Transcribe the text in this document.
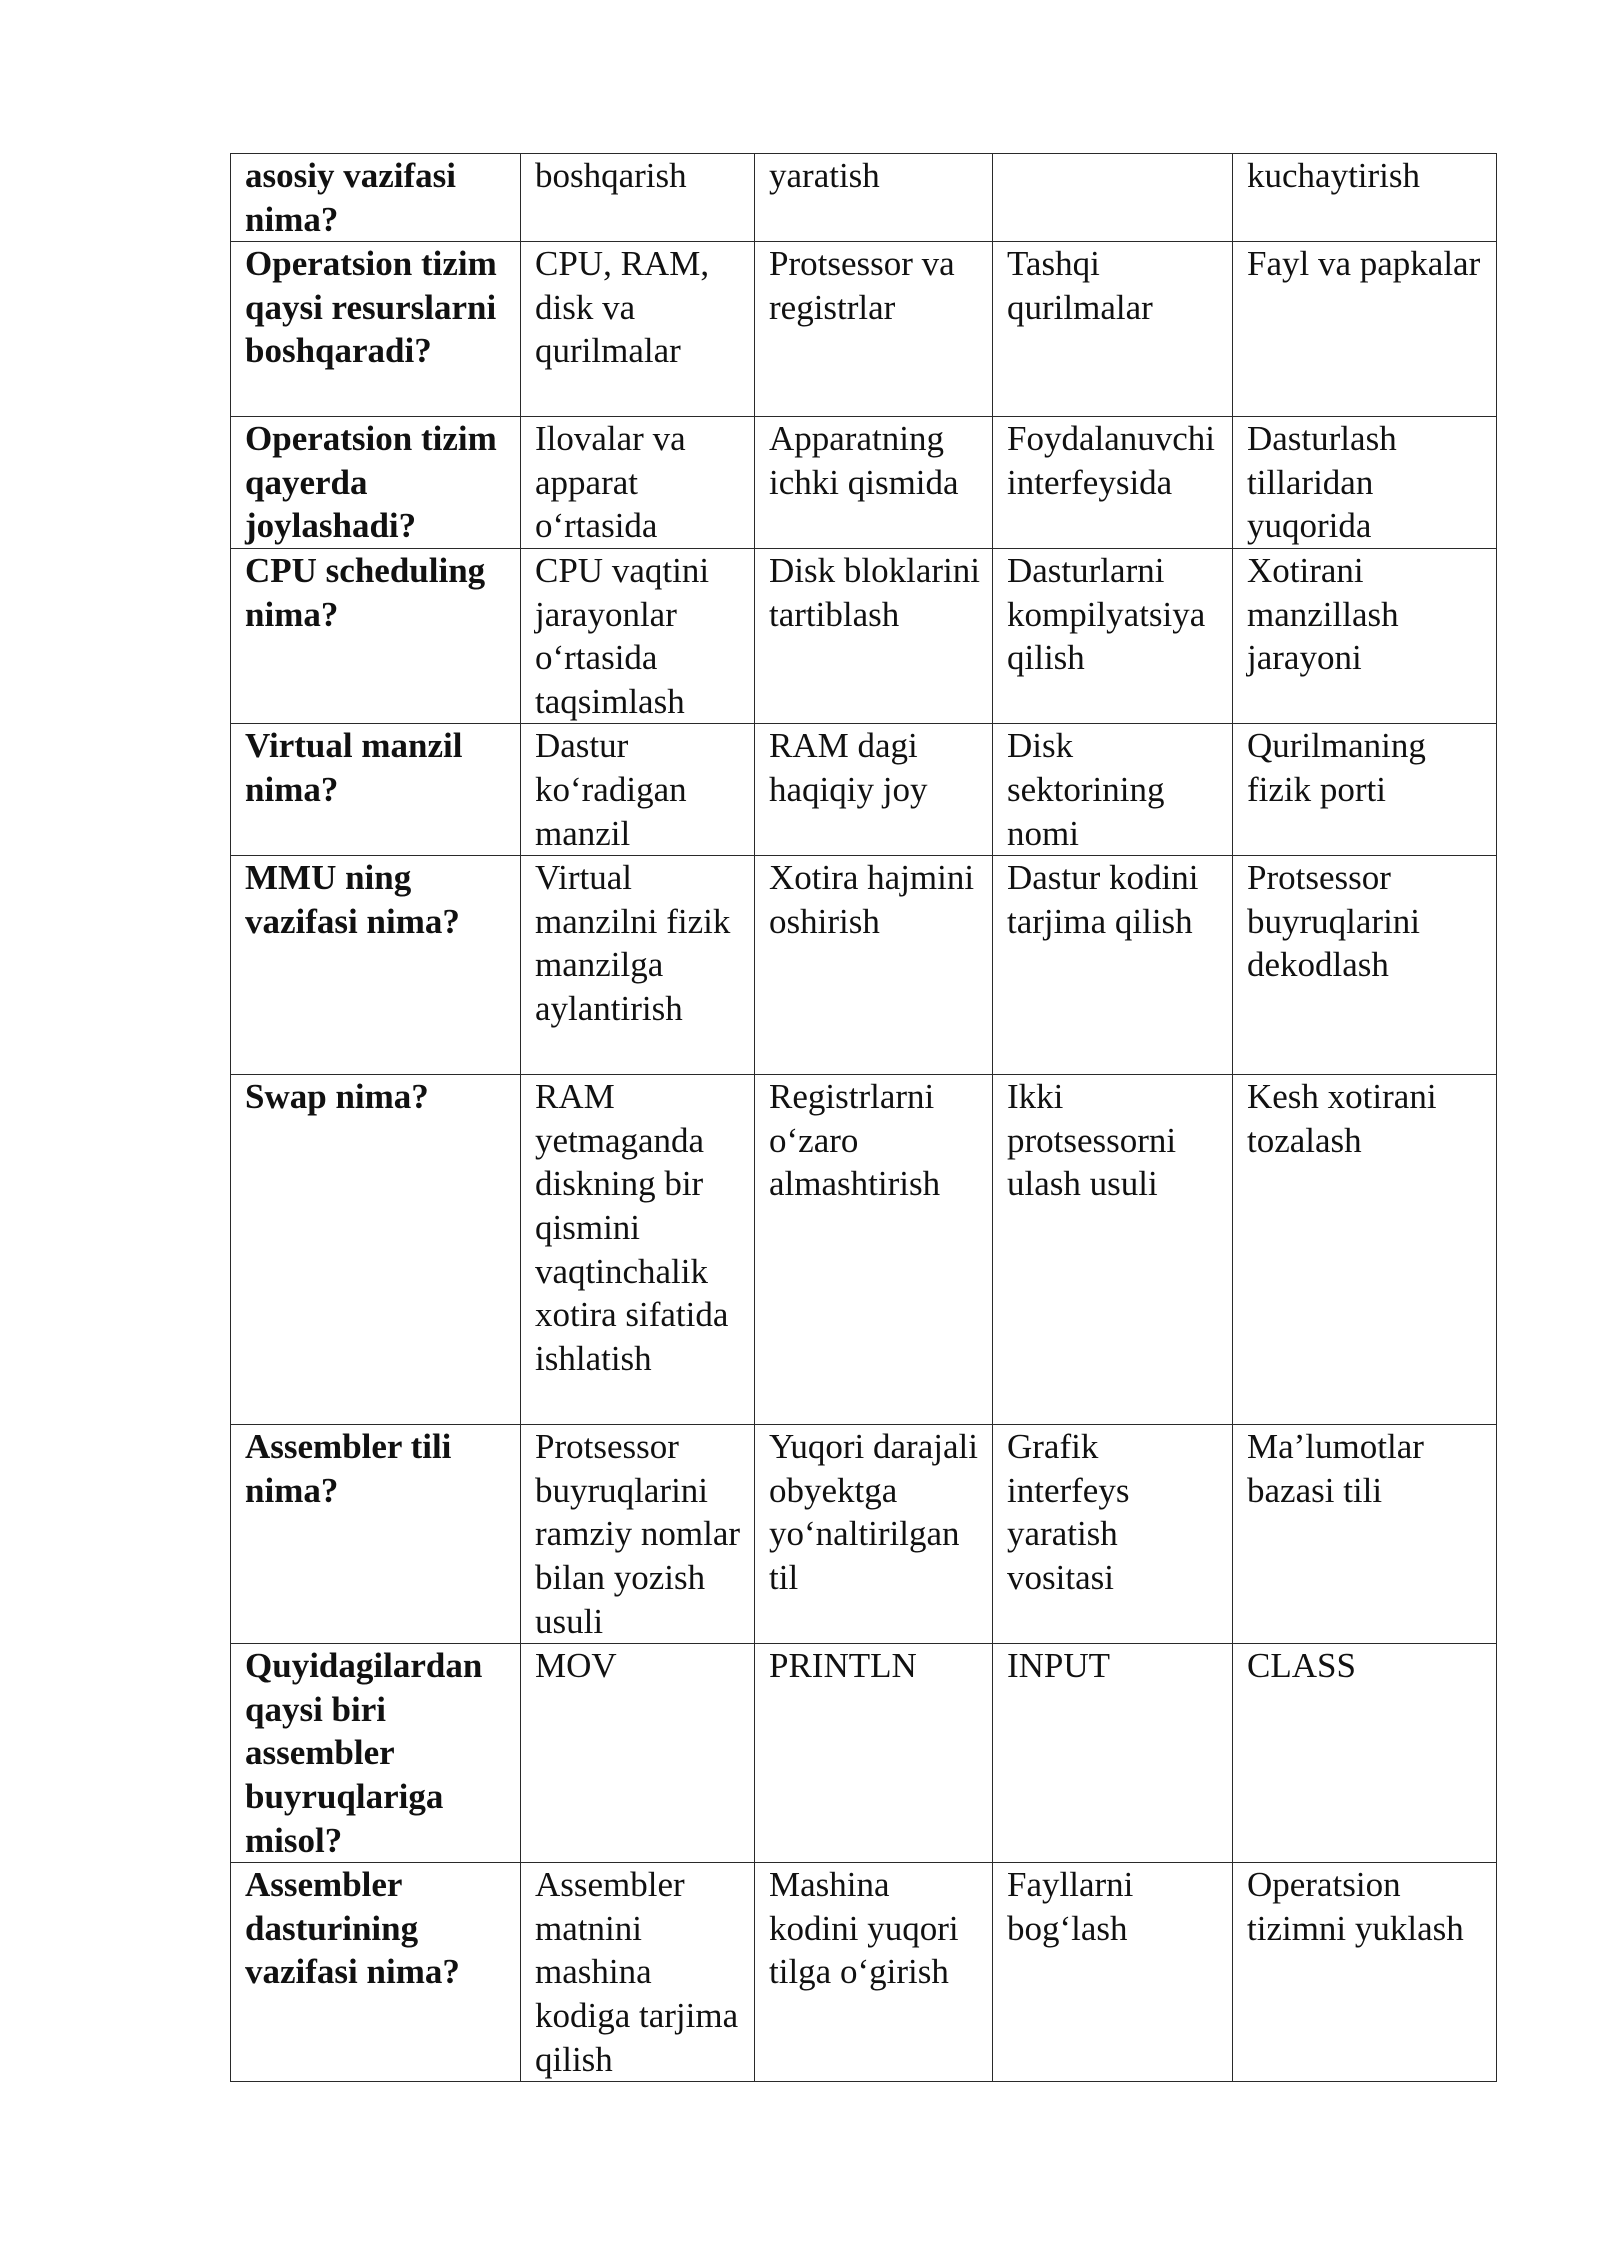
asosiy vazifasi nima?	boshqarish	yaratish		kuchaytirish
Operatsion tizim qaysi resurslarni boshqaradi?	CPU, RAM, disk va qurilmalar	Protsessor va registrlar	Tashqi qurilmalar	Fayl va papkalar
Operatsion tizim qayerda joylashadi?	Ilovalar va apparat o‘rtasida	Apparatning ichki qismida	Foydalanuvchi interfeysida	Dasturlash tillaridan yuqorida
CPU scheduling nima?	CPU vaqtini jarayonlar o‘rtasida taqsimlash	Disk bloklarini tartiblash	Dasturlarni kompilyatsiya qilish	Xotirani manzillash jarayoni
Virtual manzil nima?	Dastur ko‘radigan manzil	RAM dagi haqiqiy joy	Disk sektorining nomi	Qurilmaning fizik porti
MMU ning vazifasi nima?	Virtual manzilni fizik manzilga aylantirish	Xotira hajmini oshirish	Dastur kodini tarjima qilish	Protsessor buyruqlarini dekodlash
Swap nima?	RAM yetmaganda diskning bir qismini vaqtinchalik xotira sifatida ishlatish	Registrlarni o‘zaro almashtirish	Ikki protsessorni ulash usuli	Kesh xotirani tozalash
Assembler tili nima?	Protsessor buyruqlarini ramziy nomlar bilan yozish usuli	Yuqori darajali obyektga yo‘naltirilgan til	Grafik interfeys yaratish vositasi	Ma’lumotlar bazasi tili
Quyidagilardan qaysi biri assembler buyruqlariga misol?	MOV	PRINTLN	INPUT	CLASS
Assembler dasturining vazifasi nima?	Assembler matnini mashina kodiga tarjima qilish	Mashina kodini yuqori tilga o‘girish	Fayllarni bog‘lash	Operatsion tizimni yuklash
